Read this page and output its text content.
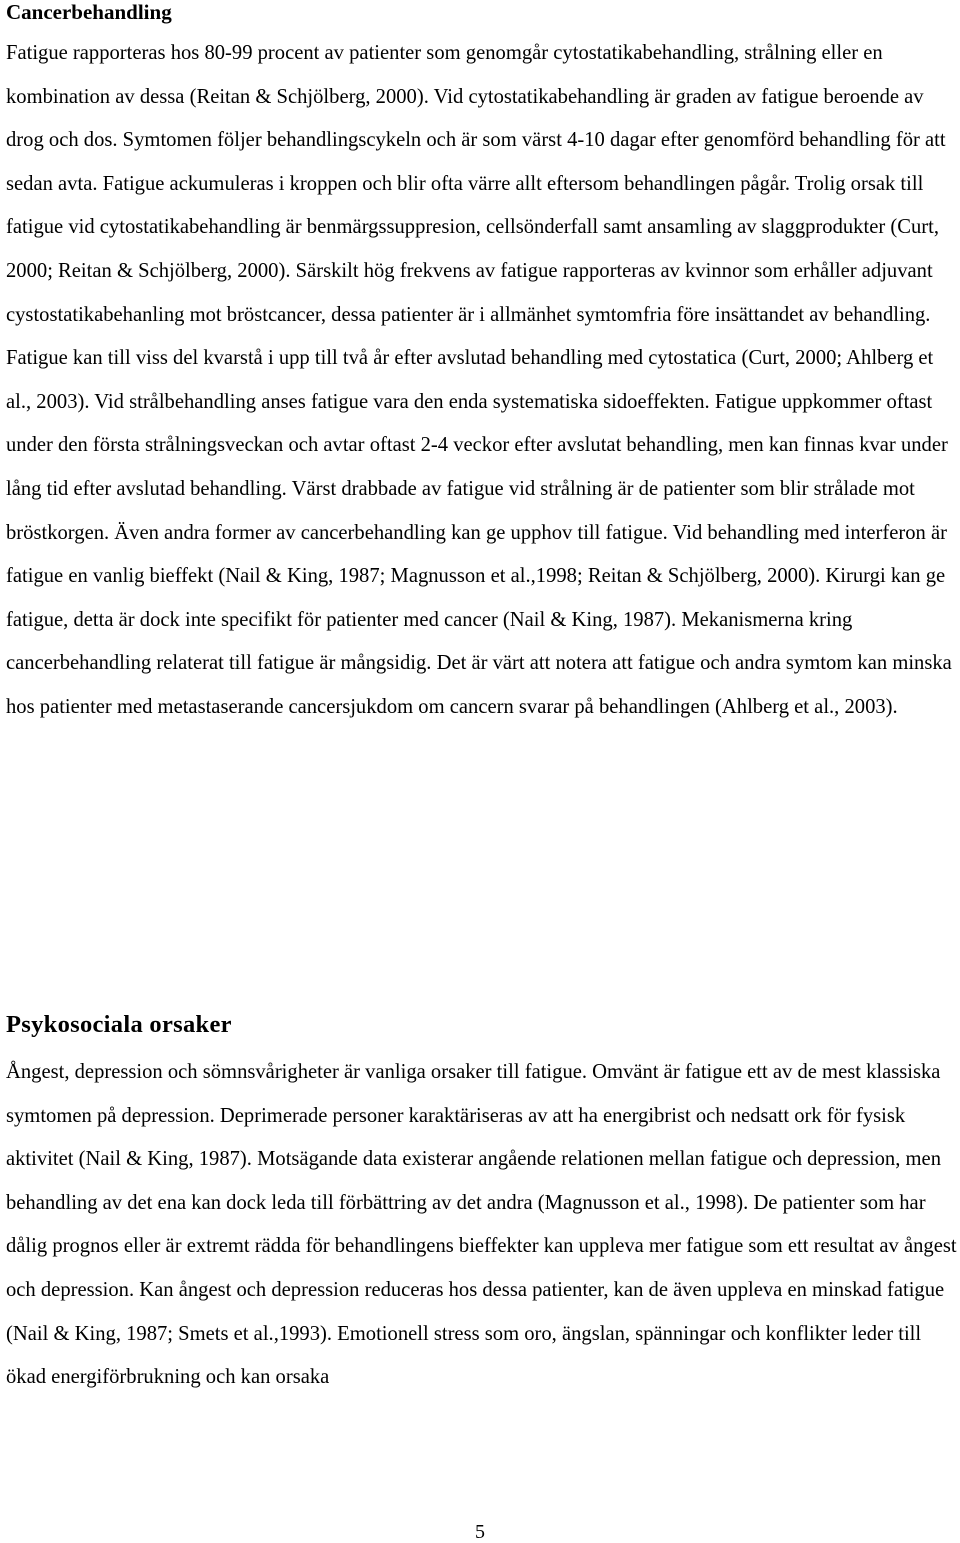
Cancerbehandling

Fatigue rapporteras hos 80-99 procent av patienter som genomgår cytostatikabehandling, strålning eller en kombination av dessa (Reitan & Schjölberg, 2000). Vid cytostatikabehandling är graden av fatigue beroende av drog och dos. Symtomen följer behandlingscykeln och är som värst 4-10 dagar efter genomförd behandling för att sedan avta. Fatigue ackumuleras i kroppen och blir ofta värre allt eftersom behandlingen pågår. Trolig orsak till fatigue vid cytostatikabehandling är benmärgssuppresion, cellsönderfall samt ansamling av slaggprodukter (Curt, 2000; Reitan & Schjölberg, 2000). Särskilt hög frekvens av fatigue rapporteras av kvinnor som erhåller adjuvant cystostatikabehanling mot bröstcancer, dessa patienter är i allmänhet symtomfria före insättandet av behandling. Fatigue kan till viss del kvarstå i upp till två år efter avslutad behandling med cytostatica (Curt, 2000; Ahlberg et al., 2003). Vid strålbehandling anses fatigue vara den enda systematiska sidoeffekten. Fatigue uppkommer oftast under den första strålningsveckan och avtar oftast 2-4 veckor efter avslutat behandling, men kan finnas kvar under lång tid efter avslutad behandling. Värst drabbade av fatigue vid strålning är de patienter som blir strålade mot bröstkorgen. Även andra former av cancerbehandling kan ge upphov till fatigue. Vid behandling med interferon är fatigue en vanlig bieffekt (Nail & King, 1987; Magnusson et al.,1998; Reitan & Schjölberg, 2000). Kirurgi kan ge fatigue, detta är dock inte specifikt för patienter med cancer (Nail & King, 1987). Mekanismerna kring cancerbehandling relaterat till fatigue är mångsidig. Det är värt att notera att fatigue och andra symtom kan minska hos patienter med metastaserande cancersjukdom om cancern svarar på behandlingen (Ahlberg et al., 2003).

Psykosociala orsaker

Ångest, depression och sömnsvårigheter är vanliga orsaker till fatigue. Omvänt är fatigue ett av de mest klassiska symtomen på depression. Deprimerade personer karaktäriseras av att ha energibrist och nedsatt ork för fysisk aktivitet (Nail & King, 1987). Motsägande data existerar angående relationen mellan fatigue och depression, men behandling av det ena kan dock leda till förbättring av det andra (Magnusson et al., 1998). De patienter som har dålig prognos eller är extremt rädda för behandlingens bieffekter kan uppleva mer fatigue som ett resultat av ångest och depression. Kan ångest och depression reduceras hos dessa patienter, kan de även uppleva en minskad fatigue (Nail & King, 1987; Smets et al.,1993). Emotionell stress som oro, ängslan, spänningar och konflikter leder till ökad energiförbrukning och kan orsaka

5
